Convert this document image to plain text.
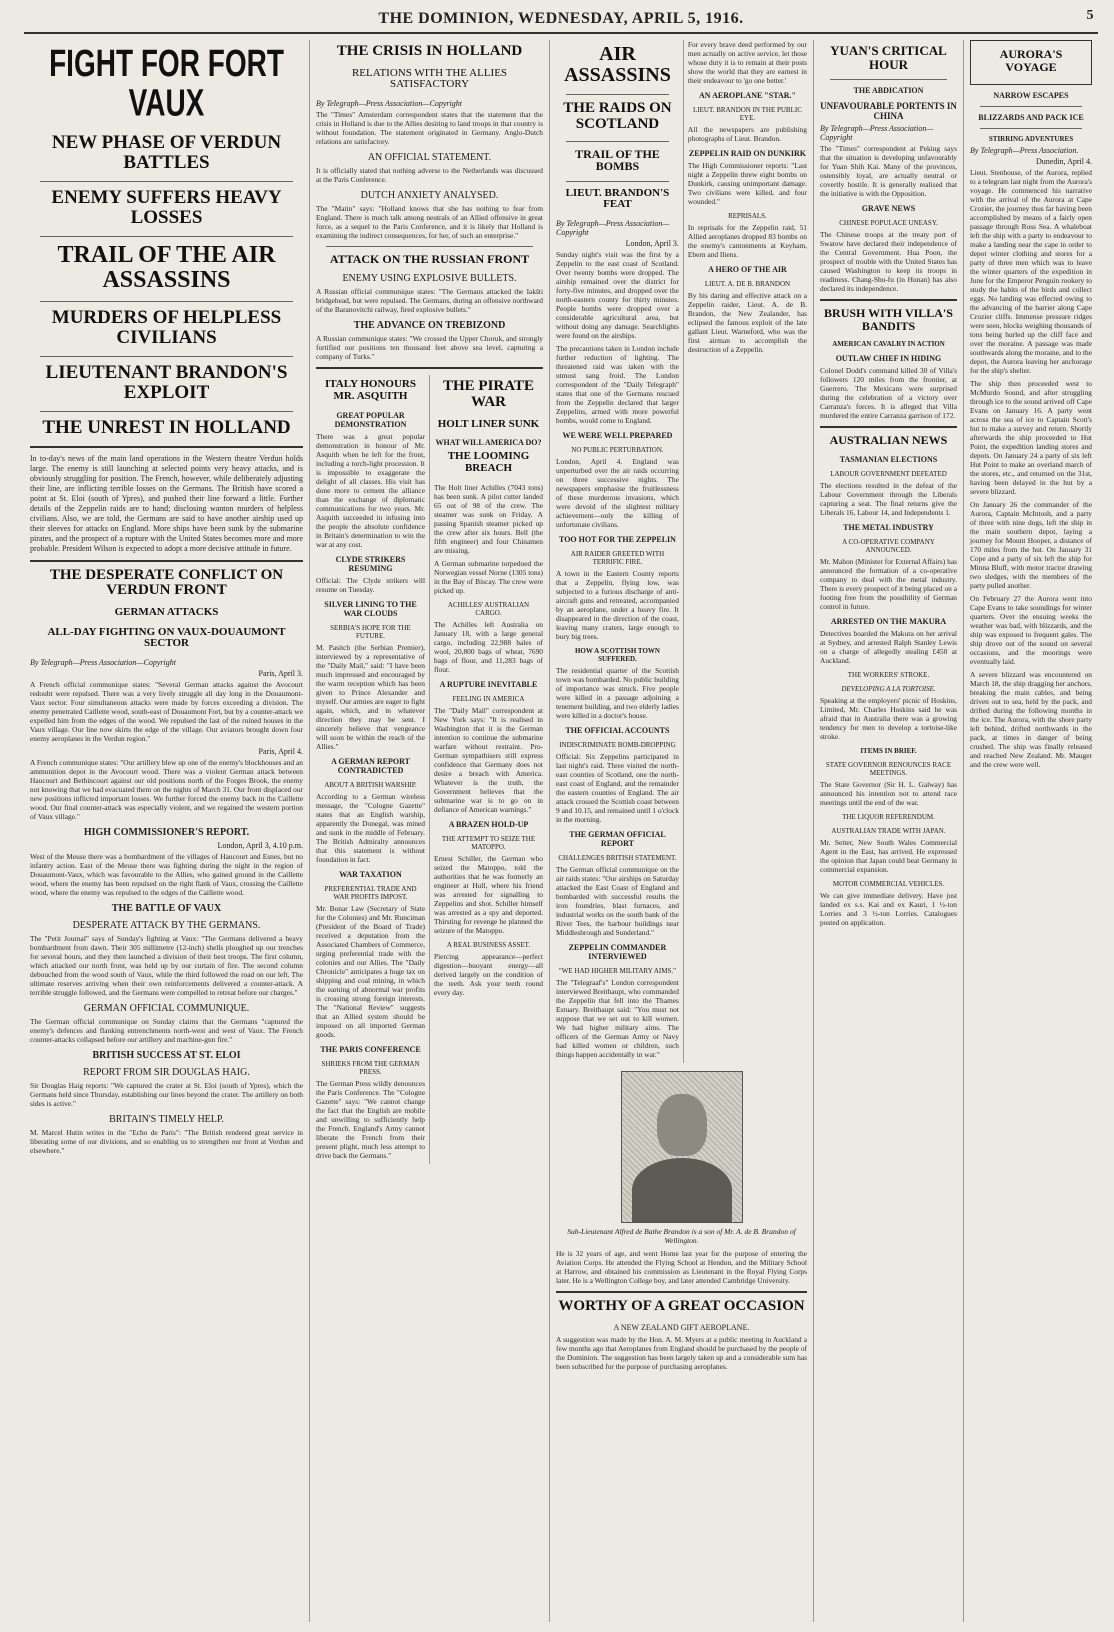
THE DOMINION, WEDNESDAY, APRIL 5, 1916.	5
FIGHT FOR FORT VAUX
NEW PHASE OF VERDUN BATTLES
ENEMY SUFFERS HEAVY LOSSES
TRAIL OF THE AIR ASSASSINS
MURDERS OF HELPLESS CIVILIANS
LIEUTENANT BRANDON'S EXPLOIT
THE UNREST IN HOLLAND

In to-day's news of the main land operations in the Western theatre Verdun holds large. The enemy is still launching at selected points very heavy attacks, and is obviously struggling for position. The French, however, while deliberately adjusting their line, are inflicting terrible losses on the Germans. The British have scored a point at St. Eloi (south of Ypres), and pushed their line forward a little. Further details of the Zeppelin raids are to hand; disclosing wanton murders of helpless civilians. Also, we are told, the Germans are said to have another airship used up their sleeves for attacks on England. More ships have been sunk by the submarine pirates, and the prospect of a rupture with the United States becomes more and more probable. President Wilson is expected to adopt a more decisive attitude in future.

THE DESPERATE CONFLICT ON VERDUN FRONT
GERMAN ATTACKS
ALL-DAY FIGHTING ON VAUX-DOUAUMONT SECTOR
By Telegraph—Press Association—Copyright
Paris, April 3.

A French official communique states: "Several German attacks against the Avocourt redoubt were repulsed. There was a very lively struggle all day long in the Douaumont-Vaux sector. Four simultaneous attacks were made by forces exceeding a division. The enemy penetrated Caillette wood, south-east of Douaumont Fort, but by a counter-attack we expelled him from the edges of the wood. We repulsed the last of the ruined houses in the Vaux village. Our line now skirts the edge of the village. Our aviators brought down four enemy aeroplanes in the Verdun region."

Paris, April 4.

A French communique states: "Our artillery blew up one of the enemy's blockhouses and an ammunition depot in the Avocourt wood. There was a violent German attack between Haucourt and Bethincourt against our old positions north of the Forges Brook, the enemy not knowing that we had evacuated them on the nights of March 31. Our front displaced our new positions inflicted important losses. We further forced the enemy back in the Caillette wood. Our final counter-attack was especially violent, and we regained the western portion of Vaux village."

HIGH COMMISSIONER'S REPORT.
London, April 3, 4.10 p.m.

West of the Meuse there was a bombardment of the villages of Haucourt and Esnes, but no infantry action. East of the Meuse there was fighting during the night in the region of Douaumont-Vaux, which was favourable to the Allies, who gained ground in the Caillette wood, where the enemy has been repulsed on the right flank of Vaux, crossing the Caillette wood, where the enemy was repulsed to the edges of the Caillette wood.

THE BATTLE OF VAUX
DESPERATE ATTACK BY THE GERMANS.

The "Petit Journal" says of Sunday's fighting at Vaux: "The Germans delivered a heavy bombardment from dawn. Their 305 millimetre (12-inch) shells ploughed up our trenches for several hours, and they then launched a division of their best troops. The first column, which attacked our north front, was held up by our curtain of fire. The second column debouched from the wood south of Vaux, while the third followed the road on our left. The ultimate reserves arriving when their own reinforcements delivered a counter-attack. A terrible struggle followed, and the Germans were compelled to retreat before our charges."

GERMAN OFFICIAL COMMUNIQUE.

The German official communique on Sunday claims that the Germans "captured the enemy's defences and flanking entrenchments north-west and west of Vaux. The French counter-attacks collapsed before our artillery and machine-gun fire."

BRITISH SUCCESS AT ST. ELOI
REPORT FROM SIR DOUGLAS HAIG.

Sir Douglas Haig reports: "We captured the crater at St. Eloi (south of Ypres), which the Germans held since Thursday, establishing our lines beyond the crater. The artillery on both sides is active."

BRITAIN'S TIMELY HELP.

M. Marcel Hutin writes in the "Echo de Paris": "The British rendered great service in liberating some of our divisions, and so enabling us to strengthen our front at Verdun and elsewhere."

THE CRISIS IN HOLLAND
RELATIONS WITH THE ALLIES SATISFACTORY
By Telegraph—Press Association—Copyright

The "Times" Amsterdam correspondent states that the statement that the crisis in Holland is due to the Allies desiring to land troops in that country is without foundation. The statement originated in Germany. Anglo-Dutch relations are satisfactory.

AN OFFICIAL STATEMENT.

It is officially stated that nothing adverse to the Netherlands was discussed at the Paris Conference.

DUTCH ANXIETY ANALYSED.

The "Matin" says: "Holland knows that she has nothing to fear from England. There is much talk among neutrals of an Allied offensive in great force, as a sequel to the Paris Conference, and it is likely that Holland is examining the indirect consequences, for her, of such an enterprise."

ATTACK ON THE RUSSIAN FRONT
ENEMY USING EXPLOSIVE BULLETS.

A Russian official communique states: "The Germans attacked the Iakšti bridgehead, but were repulsed. The Germans, during an offensive northward of the Baranovitchi railway, fired explosive bullets."

THE ADVANCE ON TREBIZOND

A Russian communique states: "We crossed the Upper Choruk, and strongly fortified our positions ten thousand feet above sea level, capturing a company of Turks."

ITALY HONOURS MR. ASQUITH
GREAT POPULAR DEMONSTRATION

There was a great popular demonstration in honour of Mr. Asquith when he left for the front, including a torch-light procession. It is impossible to exaggerate the delight of all classes. His visit has done more to cement the alliance than the exchange of diplomatic communications for two years. Mr. Asquith succeeded in infusing into the people the absolute confidence in Britain's determination to win the war at any cost.

CLYDE STRIKERS RESUMING

Official: The Clyde strikers will resume on Tuesday.

SILVER LINING TO THE WAR CLOUDS
SERBIA'S HOPE FOR THE FUTURE.

M. Pasitch (the Serbian Premier), interviewed by a representative of the "Daily Mail," said: "I have been much impressed and encouraged by the warm reception which has been given to Prince Alexander and myself. Our armies are eager to fight again, which, and in whatever direction they may be sent. I sincerely believe that vengeance will soon be within the reach of the Allies."

A GERMAN REPORT CONTRADICTED
ABOUT A BRITISH WARSHIP.

According to a German wireless message, the "Cologne Gazette" states that an English warship, apparently the Donegal, was mined and sunk in the middle of February. The British Admiralty announces that this statement is without foundation in fact.

WAR TAXATION
PREFERENTIAL TRADE AND WAR PROFITS IMPOST.

Mr. Bonar Law (Secretary of State for the Colonies) and Mr. Runciman (President of the Board of Trade) received a deputation from the Associated Chambers of Commerce, urging preferential trade with the colonies and our Allies. The "Daily Chronicle" anticipates a huge tax on shipping and coal mining, in which the earning of abnormal war profits is crossing strong foreign interests. The "National Review" suggests that an Allied system should be imposed on all imported German goods.

THE PARIS CONFERENCE
SHRIEKS FROM THE GERMAN PRESS.

The German Press wildly denounces the Paris Conference. The "Cologne Gazette" says: "We cannot change the fact that the English are mobile and unwilling to sufficiently help the French. England's Army cannot liberate the French from their present plight, much less attempt to drive back the Germans."

THE PIRATE WAR
HOLT LINER SUNK
WHAT WILL AMERICA DO?
THE LOOMING BREACH

The Holt liner Achilles (7043 tons) has been sunk. A pilot cutter landed 65 out of 98 of the crew. The steamer was sunk on Friday. A passing Spanish steamer picked up the crew after six hours. Bell (the fifth engineer) and four Chinamen are missing.

A German submarine torpedoed the Norwegian vessel Norne (1305 tons) in the Bay of Biscay. The crew were picked up.

ACHILLES' AUSTRALIAN CARGO.

The Achilles left Australia on January 18, with a large general cargo, including 22,988 bales of wool, 20,800 bags of wheat, 7690 bags of flour, and 11,283 bags of flour.

A RUPTURE INEVITABLE
FEELING IN AMERICA

The "Daily Mail" correspondent at New York says: "It is realised in Washington that it is the German intention to continue the submarine warfare without restraint. Pro-German sympathisers still express confidence that Germany does not desire a breach with America. Whatever is the truth, the Government believes that the submarine war is to go on in defiance of American warnings."

A BRAZEN HOLD-UP
THE ATTEMPT TO SEIZE THE MATOPPO.

Ernest Schiller, the German who seized the Matoppo, told the authorities that he was formerly an engineer at Hull, where his friend was arrested for signalling to Zeppelins and shot. Schiller himself was arrested as a spy and deported. Thirsting for revenge he planned the seizure of the Matoppo.

A REAL BUSINESS ASSET.

Piercing appearance—perfect digestion—buoyant energy—all derived largely on the condition of the teeth. Ask your teeth round every day.

AIR ASSASSINS
THE RAIDS ON SCOTLAND
TRAIL OF THE BOMBS
LIEUT. BRANDON'S FEAT
By Telegraph—Press Association—Copyright
London, April 3.

Sunday night's visit was the first by a Zeppelin to the east coast of Scotland. Over twenty bombs were dropped. The airship remained over the district for forty-five minutes, and dropped over the north-eastern county for thirty minutes. People bombs were dropped over a considerable agricultural area, but without doing any damage. Searchlights were found on the airships.

The precautions taken in London include further reduction of lighting. The threatened raid was taken with the utmost sang froid. The London correspondent of the "Daily Telegraph" states that one of the Germans rescued from the Zeppelin declared that larger Zeppelins, armed with more powerful bombs, would come to England.

WE WERE WELL PREPARED
NO PUBLIC PERTURBATION.

London, April 4. England was unperturbed over the air raids occurring on three successive nights. The newspapers emphasise the fruitlessness of these murderous invasions, which were devoid of the slightest military achievement—only the killing of unfortunate civilians.

TOO HOT FOR THE ZEPPELIN
AIR RAIDER GREETED WITH TERRIFIC FIRE.

A town in the Eastern County reports that a Zeppelin, flying low, was subjected to a furious discharge of anti-aircraft guns and retreated, accompanied by an aeroplane, under a heavy fire. It disappeared in the direction of the coast, leaving many craters, large enough to bury big trees.

HOW A SCOTTISH TOWN SUFFERED.

The residential quarter of the Scottish town was bombarded. No public building of importance was struck. Five people were killed in a passage adjoining a tenement building, and two elderly ladies were killed in a doctor's house.

THE OFFICIAL ACCOUNTS
INDISCRIMINATE BOMB-DROPPING

Official: Six Zeppelins participated in last night's raid. Three visited the north-east counties of Scotland, one the north-east coast of England, and the remainder the eastern counties of England. The air attack crossed the Scottish coast between 9 and 10.15, and remained until 1 o'clock in the morning.

THE GERMAN OFFICIAL REPORT
CHALLENGES BRITISH STATEMENT.

The German official communique on the air raids states: "Our airships on Saturday attacked the East Coast of England and bombarded with successful results the iron foundries, blast furnaces, and industrial works on the south bank of the River Tees, the harbour buildings near Middlesbrough and Sunderland."

ZEPPELIN COMMANDER INTERVIEWED
"WE HAD HIGHER MILITARY AIMS."

The "Telegraaf's" London correspondent interviewed Breithaupt, who commanded the Zeppelin that fell into the Thames Estuary. Breithaupt said: "You must not suppose that we set out to kill women. We had higher military aims. The officers of the German Army or Navy had killed women or children, such things happen accidentally in war."

For every brave deed performed by our men actually on active service, let those whose duty it is to remain at their posts show the world that they are earnest in their endeavour to 'go one better.'

AN AEROPLANE "STAR."
LIEUT. BRANDON IN THE PUBLIC EYE.

All the newspapers are publishing photographs of Lieut. Brandon.

ZEPPELIN RAID ON DUNKIRK

The High Commissioner reports: "Last night a Zeppelin threw eight bombs on Dunkirk, causing unimportant damage. Two civilians were killed, and four wounded."

REPRISALS.

In reprisals for the Zeppelin raid, 51 Allied aeroplanes dropped 83 bombs on the enemy's cantonments at Keyham, Ebern and Iliens.

A HERO OF THE AIR
LIEUT. A. DE B. BRANDON

By his daring and effective attack on a Zeppelin raider, Lieut. A. de B. Brandon, the New Zealander, has eclipsed the famous exploit of the late gallant Lieut. Warneford, who was the first airman to accomplish the destruction of a Zeppelin.

Sub-Lieutenant Alfred de Bathe Brandon is a son of Mr. A. de B. Brandon of Wellington.

He is 32 years of age, and went Home last year for the purpose of entering the Aviation Corps. He attended the Flying School at Hendon, and the Military School at Harrow, and obtained his commission as Lieutenant in the Royal Flying Corps later. He is a Wellington College boy, and later attended Cambridge University.

WORTHY OF A GREAT OCCASION
A NEW ZEALAND GIFT AEROPLANE.

A suggestion was made by the Hon. A. M. Myers at a public meeting in Auckland a few months ago that Aeroplanes from England should be purchased by the people of the Dominion. The suggestion has been largely taken up and a considerable sum has been subscribed for the purpose of purchasing aeroplanes.

YUAN'S CRITICAL HOUR
THE ABDICATION
UNFAVOURABLE PORTENTS IN CHINA
By Telegraph—Press Association—Copyright

The "Times" correspondent at Peking says that the situation is developing unfavourably for Yuan Shih Kai. Many of the provinces, ostensibly loyal, are actually neutral or covertly hostile. It is generally realised that the initiative is with the Opposition.

GRAVE NEWS
CHINESE POPULACE UNEASY.

The Chinese troops at the treaty port of Swatow have declared their independence of the Central Government. Hua Poon, the prospect of trouble with the United States has caused Washington to keep its troops in readiness. Chang-Shu-fu (in Hunan) has also declared its independence.

BRUSH WITH VILLA'S BANDITS
AMERICAN CAVALRY IN ACTION
OUTLAW CHIEF IN HIDING

Colonel Dodd's command killed 30 of Villa's followers 120 miles from the frontier, at Guerrero. The Mexicans were surprised during the celebration of a victory over Carranza's forces. It is alleged that Villa murdered the entire Carranza garrison of 172.

AUSTRALIAN NEWS
TASMANIAN ELECTIONS
LABOUR GOVERNMENT DEFEATED

The elections resulted in the defeat of the Labour Government through the Liberals capturing a seat. The final returns give the Liberals 16, Labour 14, and Independents 1.

THE METAL INDUSTRY
A CO-OPERATIVE COMPANY ANNOUNCED.

Mr. Mahon (Minister for External Affairs) has announced the formation of a co-operative company to deal with the metal industry. There is every prospect of it being placed on a footing free from the possibility of German control in future.

ARRESTED ON THE MAKURA

Detectives boarded the Makura on her arrival at Sydney, and arrested Ralph Stanley Lewis on a charge of allegedly stealing £450 at Auckland.

THE WORKERS' STROKE.
DEVELOPING A LA TORTOISE.

Speaking at the employers' picnic of Hoskins, Limited, Mr. Charles Hoskins said he was afraid that in Australia there was a growing tendency for men to develop a tortoise-like stroke.

ITEMS IN BRIEF.
STATE GOVERNOR RENOUNCES RACE MEETINGS.

The State Governor (Sir H. L. Galway) has announced his intention not to attend race meetings until the end of the war.

THE LIQUOR REFERENDUM.
AUSTRALIAN TRADE WITH JAPAN.

Mr. Setter, New South Wales Commercial Agent in the East, has arrived. He expressed the opinion that Japan could beat Germany in commercial expansion.

MOTOR COMMERCIAL VEHICLES.

We can give immediate delivery. Have just landed ex s.s. Kai and ex Kauri, 1 ½-ton Lorries and 3 ½-ton Lorries. Catalogues posted on application.

AURORA'S VOYAGE
NARROW ESCAPES
BLIZZARDS AND PACK ICE
STIRRING ADVENTURES
By Telegraph—Press Association.
Dunedin, April 4.

Lieut. Stenhouse, of the Aurora, replied to a telegram last night from the Aurora's voyage. He commenced his narrative with the arrival of the Aurora at Cape Crozier, the journey thus far having been accomplished by means of a fairly open passage through Ross Sea. A whaleboat left the ship with a party to endeavour to make a landing near the cape in order to depot winter clothing and stores for a party of three men which was to leave the winter quarters of the expedition in June for the Emperor Penguin rookery to study the habits of the birds and collect eggs. No landing was effected owing to the advancing of the barrier along Cape Crozier cliffs. Immense pressure ridges were seen, blocks weighing thousands of tons being hurled up the cliff face and over the moraine. A passage was made southwards along the moraine, and to the depot, the Aurora leaving her anchorage for the ship's shelter.

The ship then proceeded west to McMurdo Sound, and after struggling through ice to the sound arrived off Cape Evans on January 16. A party went across the sea of ice to Captain Scott's hut to make a survey and return. Shortly afterwards the ship proceeded to Hut Point, the expedition landing stores and depots. On January 24 a party of six left Hut Point to make an overland march of the stores, etc., and returned on the 31st, having been delayed in the hut by a severe blizzard.

On January 26 the commander of the Aurora, Captain McIntosh, and a party of three with nine dogs, left the ship in the main southern depot, laying a journey for Mount Hooper, a distance of 170 miles from the hut. On January 31 Cope and a party of six left the ship for Minna Bluff, with motor tractor drawing two sledges, with the members of the party pulled another.

On February 27 the Aurora went into Cape Evans to take soundings for winter quarters. Over the ensuing weeks the weather was bad, with blizzards, and the ship was exposed to frequent gales. The ship drove out of the sound on several occasions, and the moorings were eventually laid.

A severe blizzard was encountered on March 18, the ship dragging her anchors, breaking the main cables, and being driven out to sea, held by the pack, and drifted during the following months in the ice. The Aurora, with the shore party left behind, drifted northwards in the pack, at times in danger of being crushed. The ship was finally released and reached New Zealand. Mr. Mauger and the crew were well.
